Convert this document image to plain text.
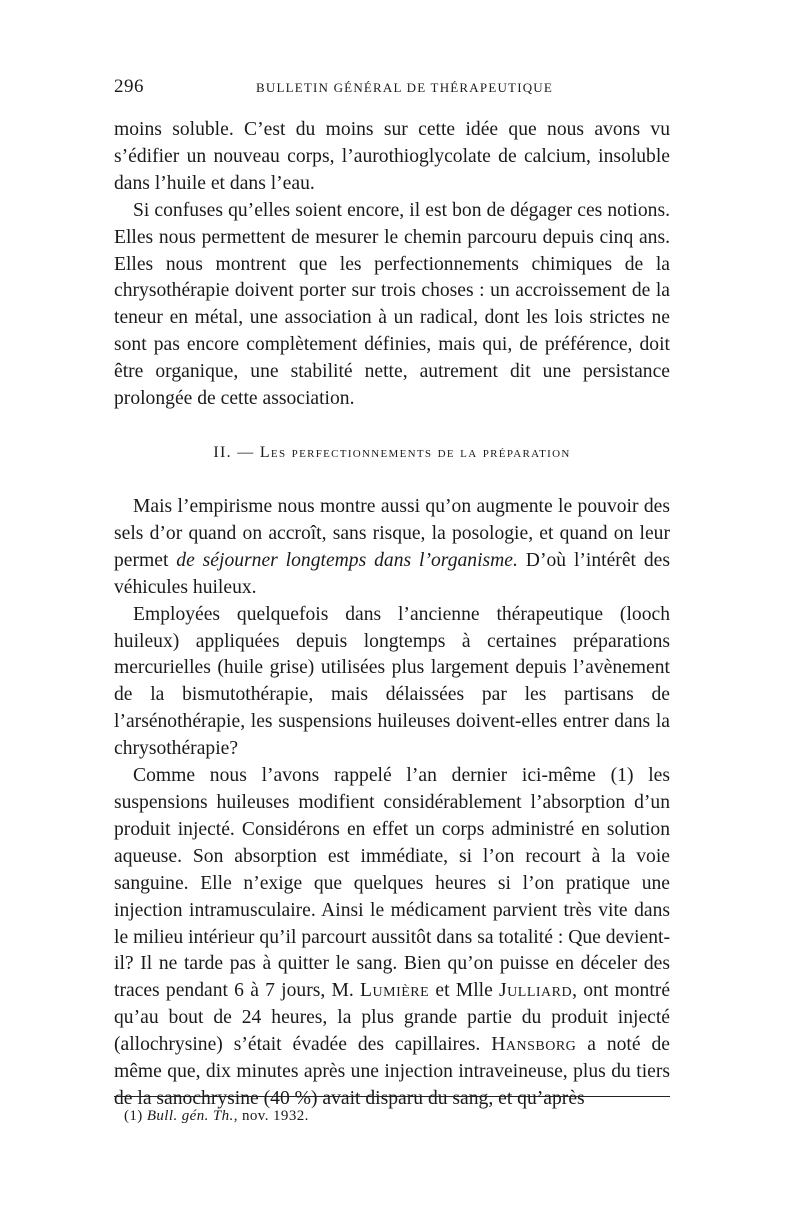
296	BULLETIN GÉNÉRAL DE THÉRAPEUTIQUE

moins soluble. C’est du moins sur cette idée que nous avons vu s’édifier un nouveau corps, l’aurothioglycolate de calcium, insoluble dans l’huile et dans l’eau.

Si confuses qu’elles soient encore, il est bon de dégager ces notions. Elles nous permettent de mesurer le chemin parcouru depuis cinq ans. Elles nous montrent que les perfectionnements chimiques de la chrysothérapie doivent porter sur trois choses : un accroissement de la teneur en métal, une association à un radical, dont les lois strictes ne sont pas encore complètement définies, mais qui, de préférence, doit être organique, une stabilité nette, autrement dit une persistance prolongée de cette association.

II. — Les perfectionnements de la préparation

Mais l’empirisme nous montre aussi qu’on augmente le pouvoir des sels d’or quand on accroît, sans risque, la posologie, et quand on leur permet de séjourner longtemps dans l’organisme. D’où l’intérêt des véhicules huileux.

Employées quelquefois dans l’ancienne thérapeutique (looch huileux) appliquées depuis longtemps à certaines préparations mercurielles (huile grise) utilisées plus largement depuis l’avènement de la bismutothérapie, mais délaissées par les partisans de l’arsénothérapie, les suspensions huileuses doivent-elles entrer dans la chrysothérapie?

Comme nous l’avons rappelé l’an dernier ici-même (1) les suspensions huileuses modifient considérablement l’absorption d’un produit injecté. Considérons en effet un corps administré en solution aqueuse. Son absorption est immédiate, si l’on recourt à la voie sanguine. Elle n’exige que quelques heures si l’on pratique une injection intramusculaire. Ainsi le médicament parvient très vite dans le milieu intérieur qu’il parcourt aussitôt dans sa totalité : Que devient-il? Il ne tarde pas à quitter le sang. Bien qu’on puisse en déceler des traces pendant 6 à 7 jours, M. Lumière et Mlle Julliard, ont montré qu’au bout de 24 heures, la plus grande partie du produit injecté (allochrysine) s’était évadée des capillaires. Hansborg a noté de même que, dix minutes après une injection intraveineuse, plus du tiers de la sanochrysine (40 %) avait disparu du sang, et qu’après

(1) Bull. gén. Th., nov. 1932.
